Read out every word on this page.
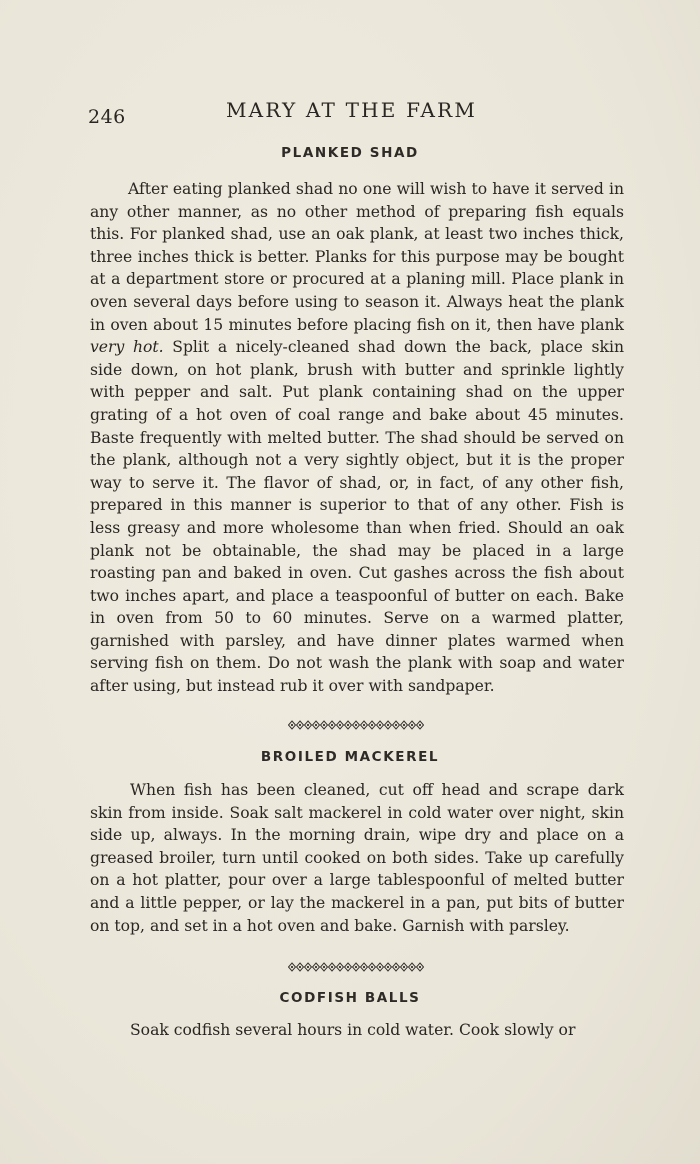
246	MARY AT THE FARM
PLANKED SHAD

After eating planked shad no one will wish to have it served in any other manner, as no other method of preparing fish equals this. For planked shad, use an oak plank, at least two inches thick, three inches thick is better. Planks for this purpose may be bought at a department store or procured at a planing mill. Place plank in oven several days before using to season it. Always heat the plank in oven about 15 minutes before placing fish on it, then have plank very hot. Split a nicely-cleaned shad down the back, place skin side down, on hot plank, brush with butter and sprinkle lightly with pepper and salt. Put plank containing shad on the upper grating of a hot oven of coal range and bake about 45 minutes. Baste frequently with melted butter. The shad should be served on the plank, although not a very sightly object, but it is the proper way to serve it. The flavor of shad, or, in fact, of any other fish, prepared in this manner is superior to that of any other. Fish is less greasy and more wholesome than when fried. Should an oak plank not be obtainable, the shad may be placed in a large roasting pan and baked in oven. Cut gashes across the fish about two inches apart, and place a teaspoonful of butter on each. Bake in oven from 50 to 60 minutes. Serve on a warmed platter, garnished with parsley, and have dinner plates warmed when serving fish on them. Do not wash the plank with soap and water after using, but instead rub it over with sandpaper.

BROILED MACKEREL

When fish has been cleaned, cut off head and scrape dark skin from inside. Soak salt mackerel in cold water over night, skin side up, always. In the morning drain, wipe dry and place on a greased broiler, turn until cooked on both sides. Take up carefully on a hot platter, pour over a large tablespoonful of melted butter and a little pepper, or lay the mackerel in a pan, put bits of butter on top, and set in a hot oven and bake. Garnish with parsley.

CODFISH BALLS

Soak codfish several hours in cold water. Cook slowly or
